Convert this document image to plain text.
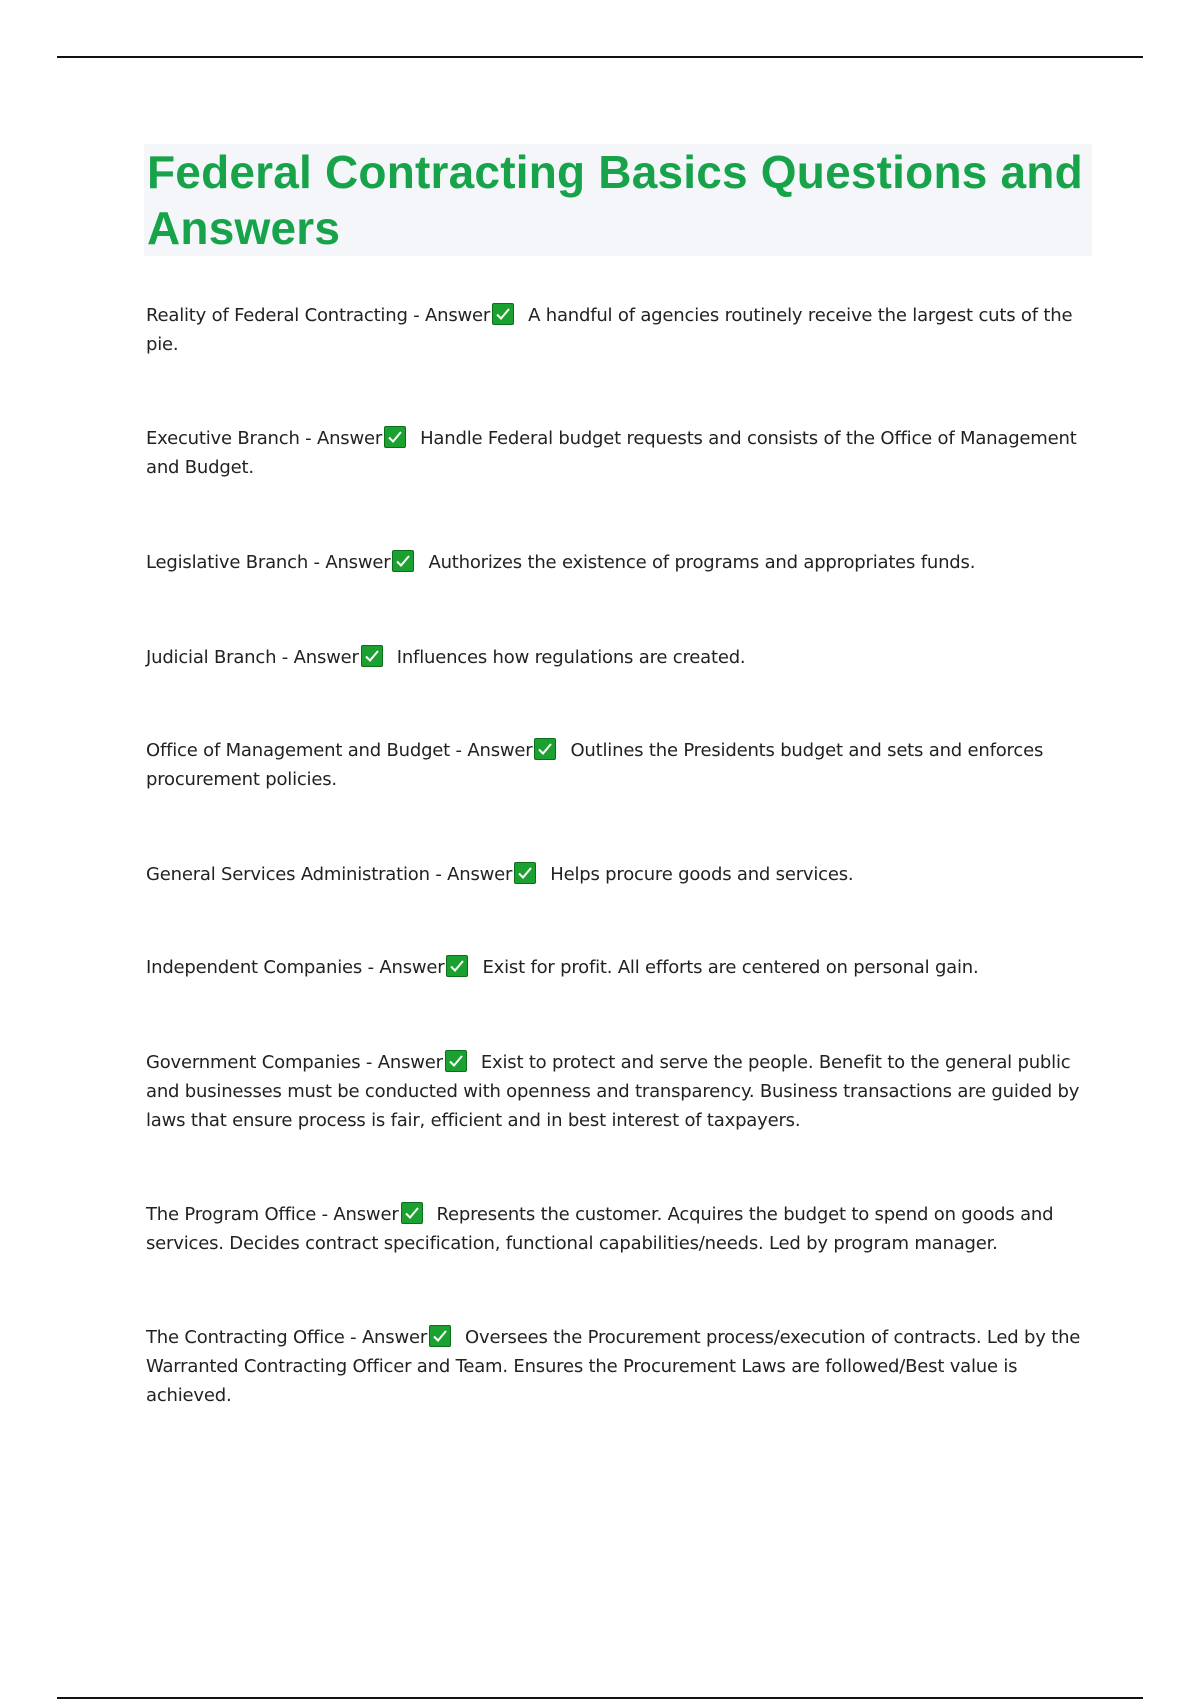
Federal Contracting Basics Questions and Answers
Reality of Federal Contracting - Answer A handful of agencies routinely receive the largest cuts of the pie.
Executive Branch - Answer Handle Federal budget requests and consists of the Office of Management and Budget.
Legislative Branch - Answer Authorizes the existence of programs and appropriates funds.
Judicial Branch - Answer Influences how regulations are created.
Office of Management and Budget - Answer Outlines the Presidents budget and sets and enforces procurement policies.
General Services Administration - Answer Helps procure goods and services.
Independent Companies - Answer Exist for profit. All efforts are centered on personal gain.
Government Companies - Answer Exist to protect and serve the people. Benefit to the general public and businesses must be conducted with openness and transparency. Business transactions are guided by laws that ensure process is fair, efficient and in best interest of taxpayers.
The Program Office - Answer Represents the customer. Acquires the budget to spend on goods and services. Decides contract specification, functional capabilities/needs. Led by program manager.
The Contracting Office - Answer Oversees the Procurement process/execution of contracts. Led by the Warranted Contracting Officer and Team. Ensures the Procurement Laws are followed/Best value is achieved.
